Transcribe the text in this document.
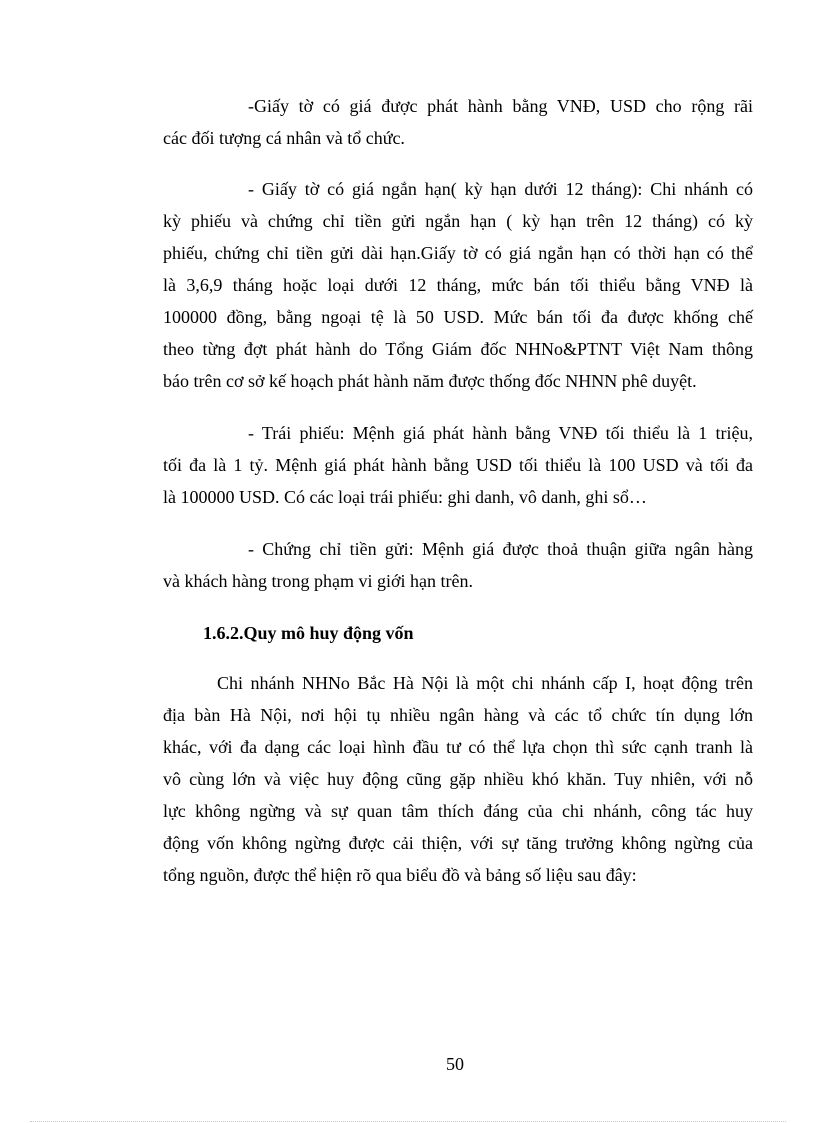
-Giấy tờ có giá được phát hành bằng VNĐ, USD cho rộng rãi
các đối tượng cá nhân và tổ chức.
- Giấy tờ có giá ngắn hạn( kỳ hạn dưới 12 tháng): Chi nhánh có
kỳ phiếu và chứng chỉ tiền gửi ngắn hạn ( kỳ hạn trên 12 tháng) có kỳ
phiếu, chứng chỉ tiền gửi dài hạn.Giấy tờ có giá ngắn hạn có thời hạn có thể
là 3,6,9 tháng hoặc loại dưới 12 tháng, mức bán tối thiểu bằng VNĐ là
100000 đồng, bằng ngoại tệ là 50 USD. Mức bán tối đa được khống chế
theo từng đợt phát hành do Tổng Giám đốc NHNo&PTNT Việt Nam thông
báo trên cơ sở kế hoạch phát hành năm được thống đốc NHNN phê duyệt.
- Trái phiếu: Mệnh giá phát hành bằng VNĐ tối thiểu là 1 triệu,
tối đa là 1 tỷ. Mệnh giá phát hành bằng USD tối thiểu là 100 USD và tối đa
là 100000 USD. Có các loại trái phiếu: ghi danh, vô danh, ghi sổ…
- Chứng chỉ tiền gửi: Mệnh giá được thoả thuận giữa ngân hàng
và khách hàng trong phạm vi giới hạn trên.
1.6.2.Quy mô huy động vốn
Chi nhánh NHNo Bắc Hà Nội là một chi nhánh cấp I, hoạt động trên
địa bàn Hà Nội, nơi hội tụ nhiều ngân hàng và các tổ chức tín dụng lớn
khác, với đa dạng các loại hình đầu tư có thể lựa chọn thì sức cạnh tranh là
vô cùng lớn và việc huy động cũng gặp nhiều khó khăn. Tuy nhiên, với nỗ
lực không ngừng và sự quan tâm thích đáng của chi nhánh, công tác huy
động vốn không ngừng được cải thiện, với sự tăng trưởng không ngừng của
tổng nguồn, được thể hiện rõ qua biểu đồ và bảng số liệu sau đây:
50
